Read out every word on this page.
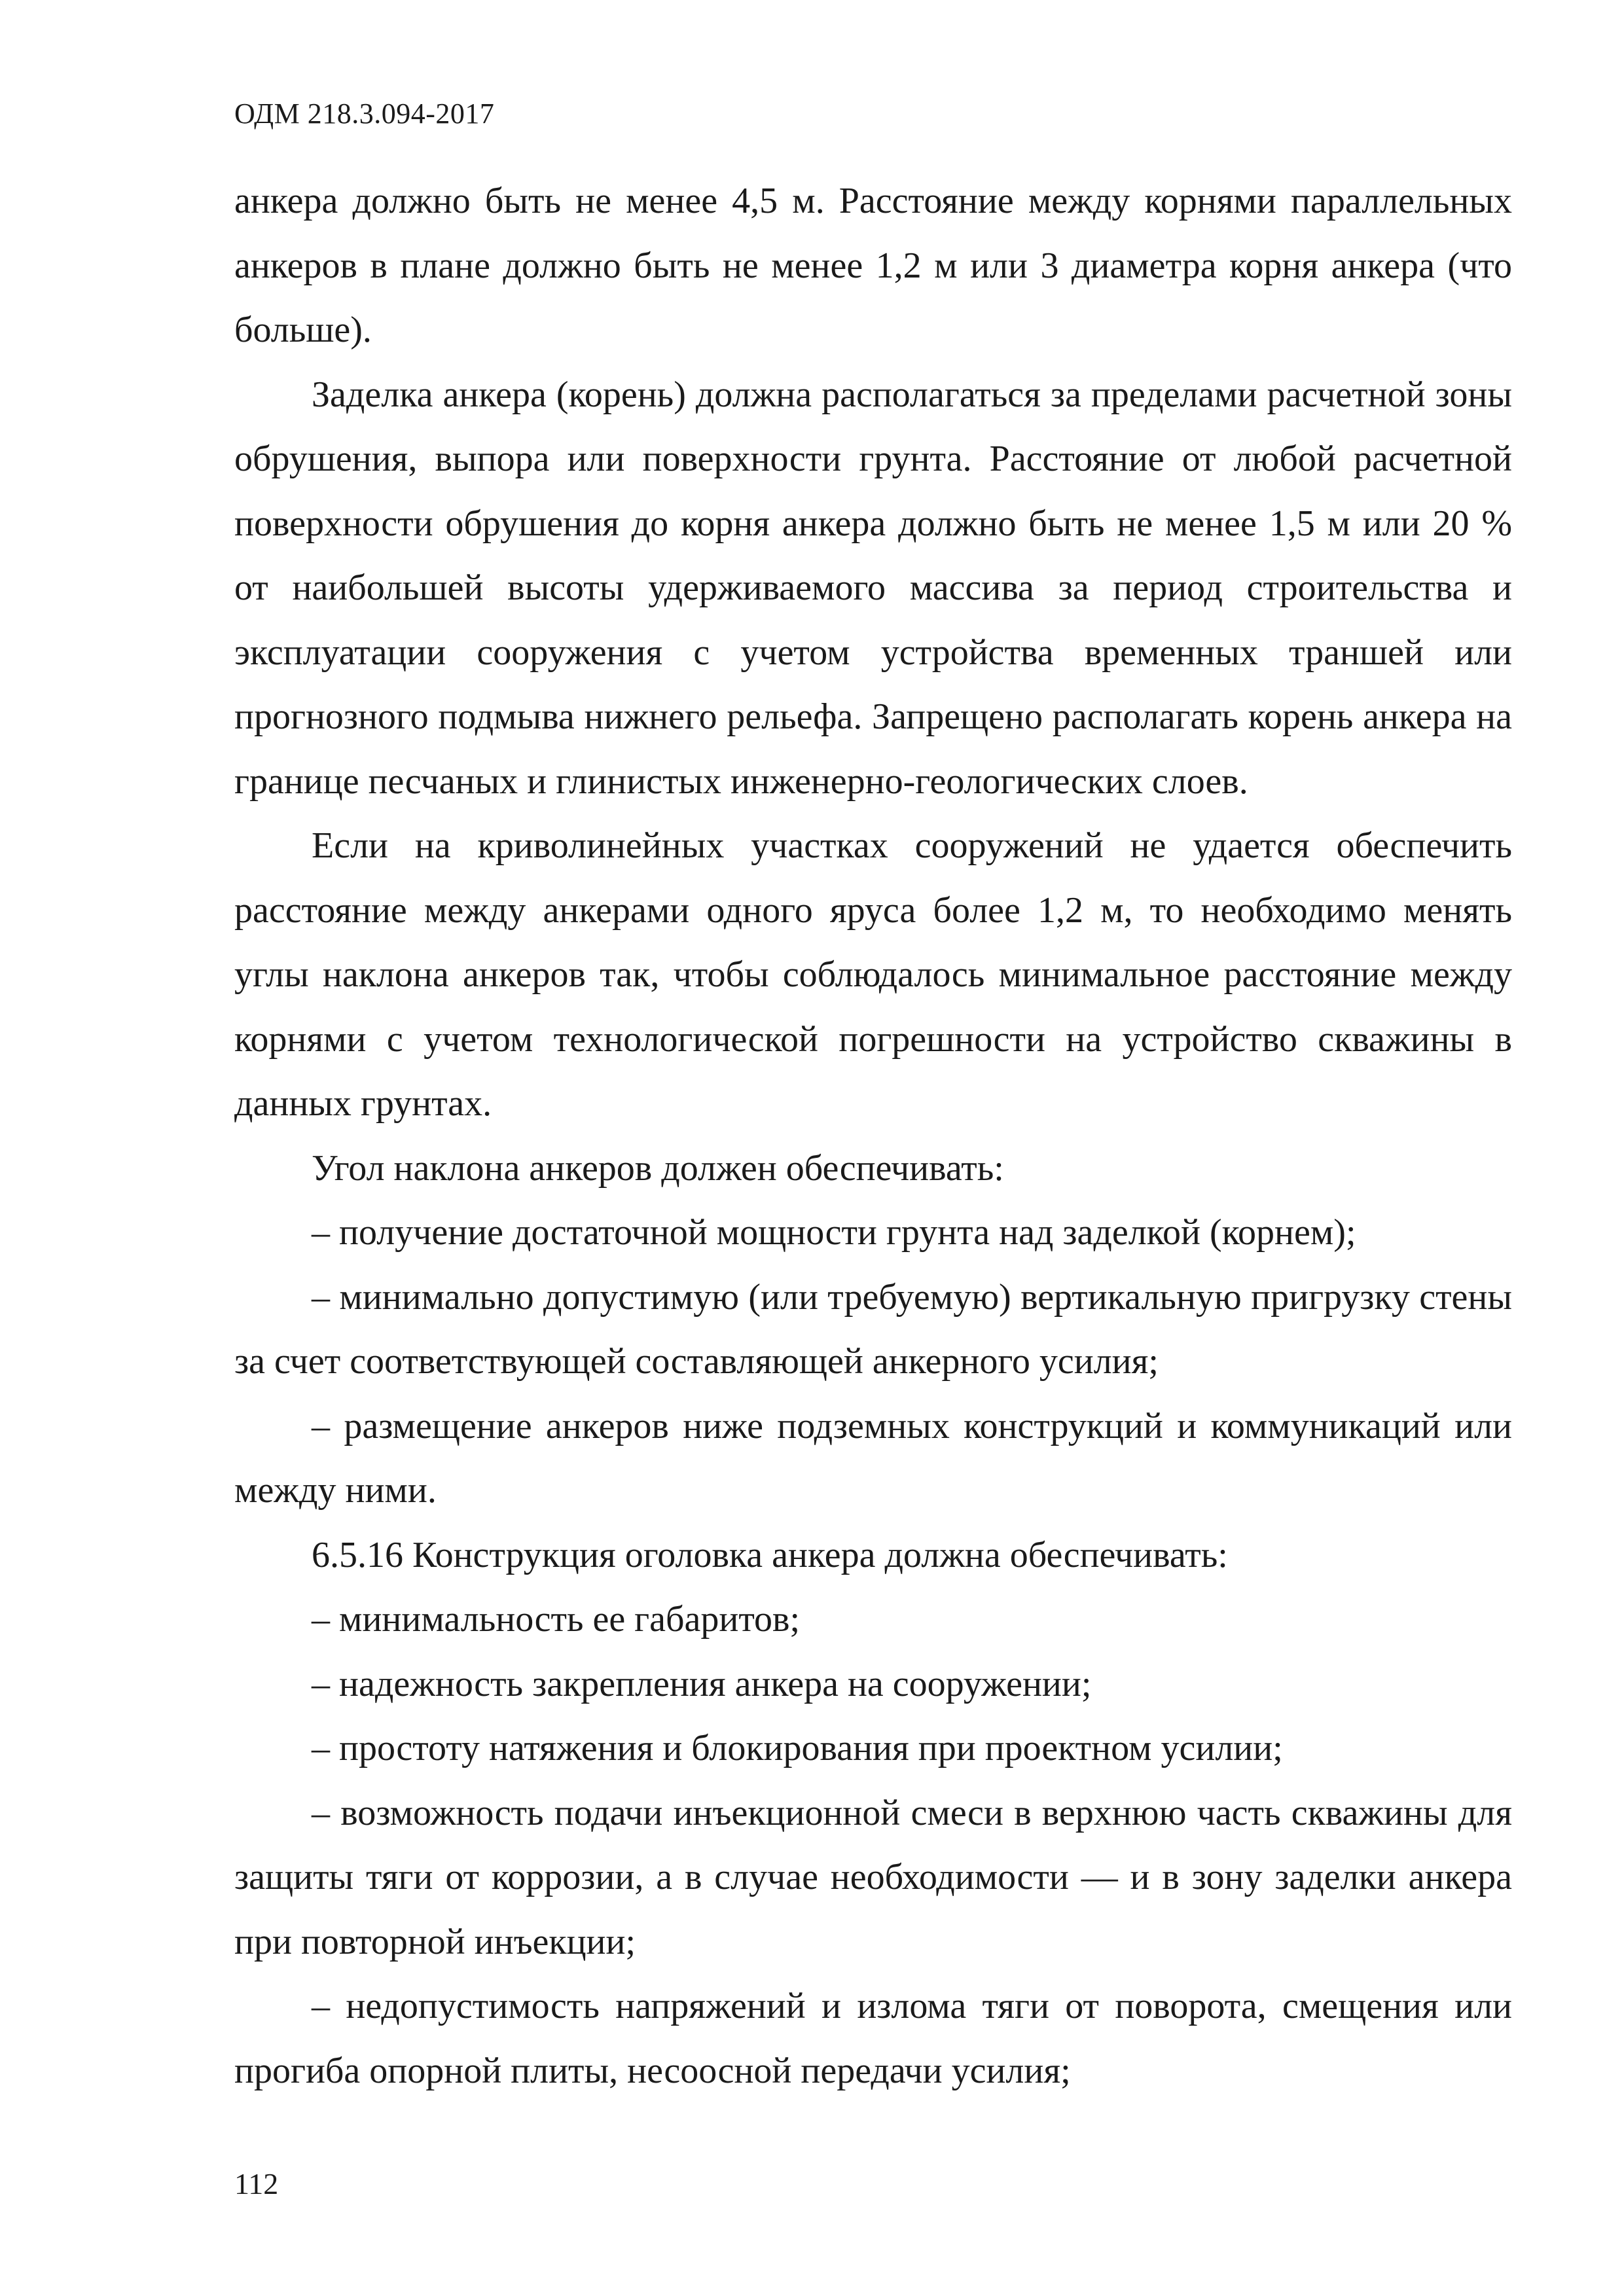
ОДМ 218.3.094-2017

анкера должно быть не менее 4,5 м. Расстояние между корнями параллельных анкеров в плане должно быть не менее 1,2 м или 3 диаметра корня анкера (что больше).

Заделка анкера (корень) должна располагаться за пределами расчетной зоны обрушения, выпора или поверхности грунта. Расстояние от любой расчетной поверхности обрушения до корня анкера должно быть не менее 1,5 м или 20 % от наибольшей высоты удерживаемого массива за период строительства и эксплуатации сооружения с учетом устройства временных траншей или прогнозного подмыва нижнего рельефа. Запрещено располагать корень анкера на границе песчаных и глинистых инженерно-геологических слоев.

Если на криволинейных участках сооружений не удается обеспечить расстояние между анкерами одного яруса более 1,2 м, то необходимо менять углы наклона анкеров так, чтобы соблюдалось минимальное расстояние между корнями с учетом технологической погрешности на устройство скважины в данных грунтах.

Угол наклона анкеров должен обеспечивать:

– получение достаточной мощности грунта над заделкой (корнем);

– минимально допустимую (или требуемую) вертикальную пригрузку стены за счет соответствующей составляющей анкерного усилия;

– размещение анкеров ниже подземных конструкций и коммуникаций или между ними.

6.5.16 Конструкция оголовка анкера должна обеспечивать:

– минимальность ее габаритов;

– надежность закрепления анкера на сооружении;

– простоту натяжения и блокирования при проектном усилии;

– возможность подачи инъекционной смеси в верхнюю часть скважины для защиты тяги от коррозии, а в случае необходимости — и в зону заделки анкера при повторной инъекции;

– недопустимость напряжений и излома тяги от поворота, смещения или прогиба опорной плиты, несоосной передачи усилия;

112
